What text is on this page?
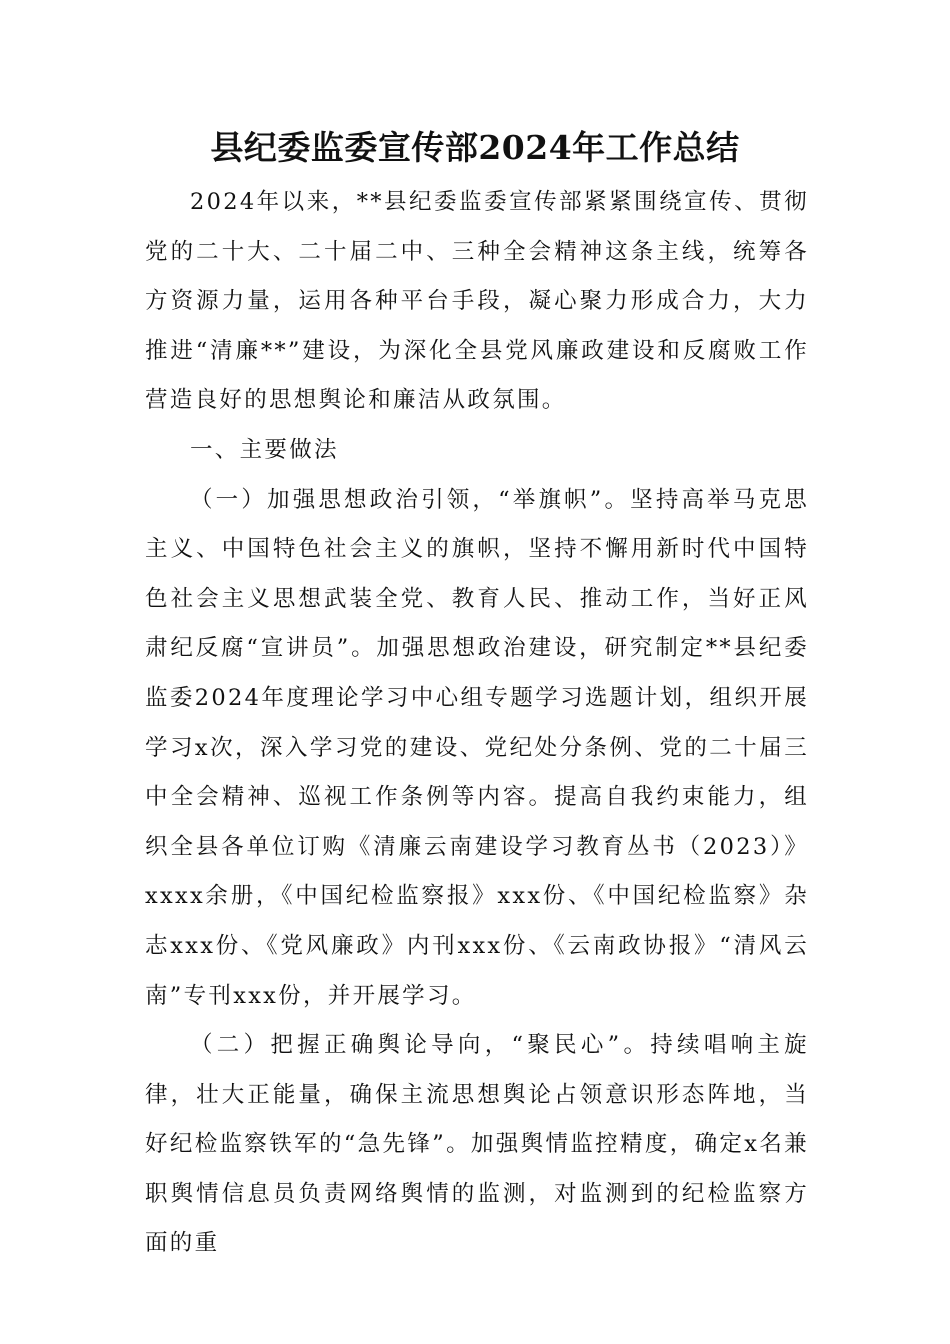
县纪委监委宣传部2024年工作总结

2024年以来，**县纪委监委宣传部紧紧围绕宣传、贯彻党的二十大、二十届二中、三种全会精神这条主线，统筹各方资源力量，运用各种平台手段，凝心聚力形成合力，大力推进“清廉**”建设，为深化全县党风廉政建设和反腐败工作营造良好的思想舆论和廉洁从政氛围。

一、主要做法

（一）加强思想政治引领，“举旗帜”。坚持高举马克思主义、中国特色社会主义的旗帜，坚持不懈用新时代中国特色社会主义思想武装全党、教育人民、推动工作，当好正风肃纪反腐“宣讲员”。加强思想政治建设，研究制定**县纪委监委2024年度理论学习中心组专题学习选题计划，组织开展学习x次，深入学习党的建设、党纪处分条例、党的二十届三中全会精神、巡视工作条例等内容。提高自我约束能力，组织全县各单位订购《清廉云南建设学习教育丛书（2023）》xxxx余册，《中国纪检监察报》xxx份、《中国纪检监察》杂志xxx份、《党风廉政》内刊xxx份、《云南政协报》“清风云南”专刊xxx份，并开展学习。

（二）把握正确舆论导向，“聚民心”。持续唱响主旋律，壮大正能量，确保主流思想舆论占领意识形态阵地，当好纪检监察铁军的“急先锋”。加强舆情监控精度，确定x名兼职舆情信息员负责网络舆情的监测，对监测到的纪检监察方面的重
